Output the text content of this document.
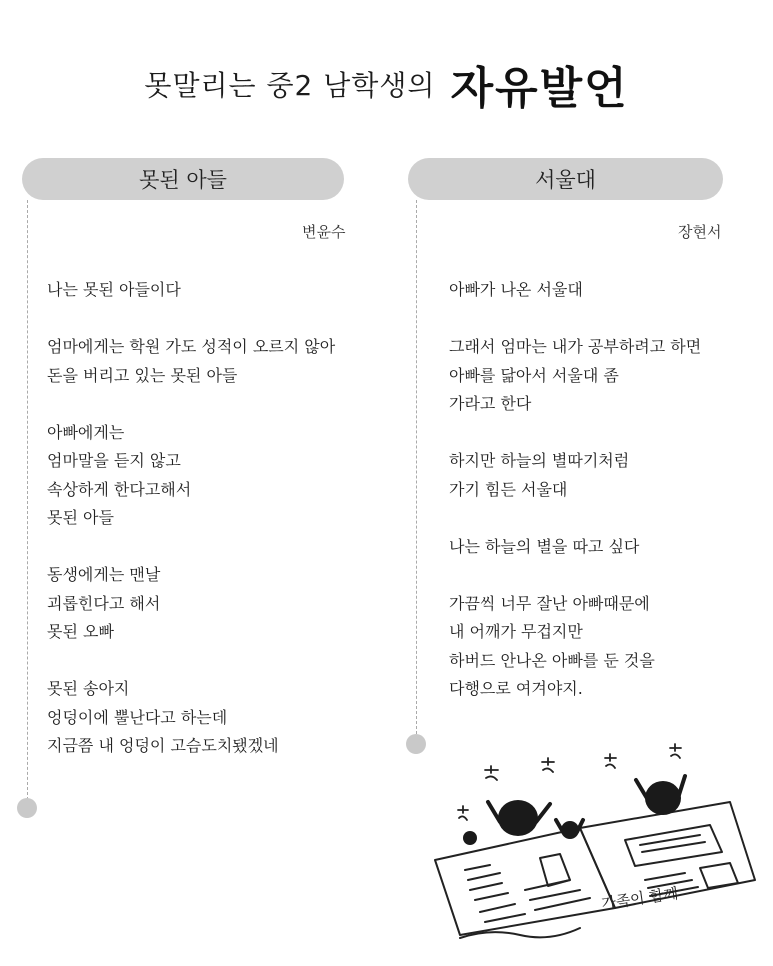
못말리는 중2 남학생의 자유발언
못된 아들
변윤수

나는 못된 아들이다

엄마에게는 학원 가도 성적이 오르지 않아
돈을 버리고 있는 못된 아들

아빠에게는
엄마말을 듣지 않고
속상하게 한다고해서
못된 아들

동생에게는 맨날
괴롭힌다고 해서
못된 오빠

못된 송아지
엉덩이에 뿔난다고 하는데
지금쯤 내 엉덩이 고슴도치됐겠네

서울대
장현서

아빠가 나온 서울대

그래서 엄마는 내가 공부하려고 하면
아빠를 닮아서 서울대 좀
가라고 한다

하지만 하늘의 별따기처럼
가기 힘든 서울대

나는 하늘의 별을 따고 싶다

가끔씩 너무 잘난 아빠때문에
내 어깨가 무겁지만
하버드 안나온 아빠를 둔 것을
다행으로 여겨야지.

가족이 함께
